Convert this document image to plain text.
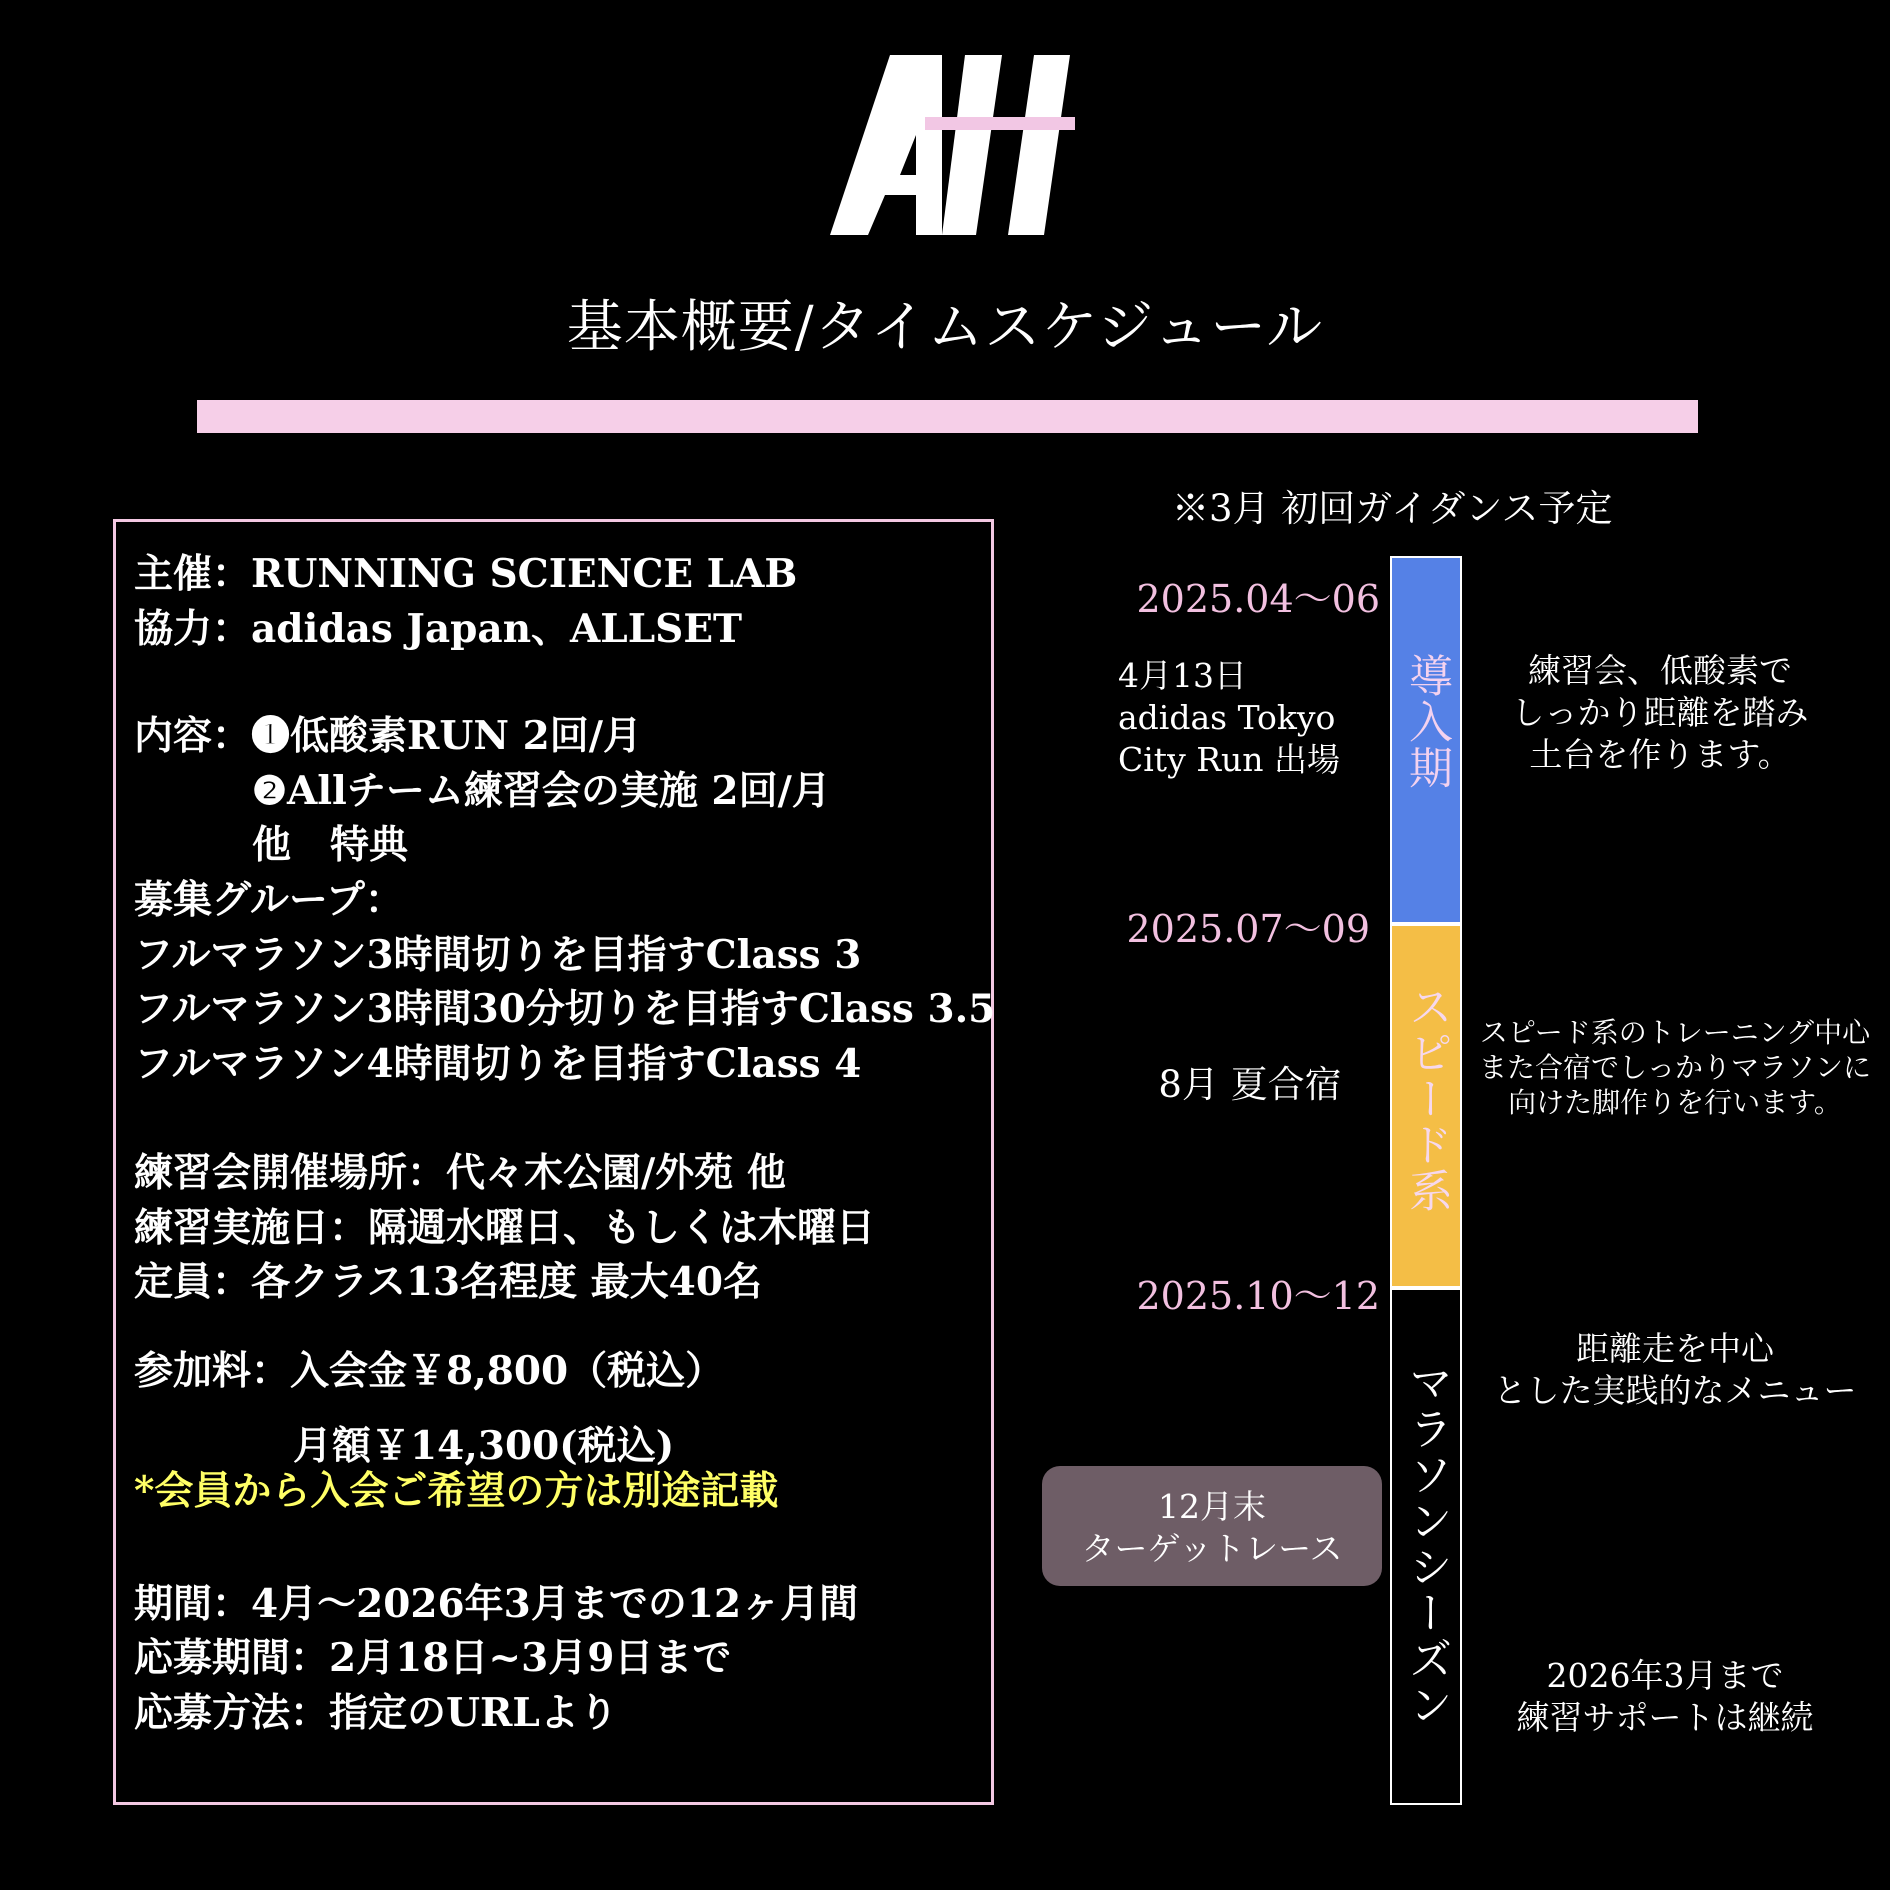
基本概要/タイムスケジュール
主催：RUNNING SCIENCE LAB
協力：adidas Japan、ALLSET
内容：❶低酸素RUN 2回/月
❷Allチーム練習会の実施 2回/月
他　特典
募集グループ：
フルマラソン3時間切りを目指すClass 3
フルマラソン3時間30分切りを目指すClass 3.5
フルマラソン4時間切りを目指すClass 4
練習会開催場所：代々木公園/外苑 他
練習実施日：隔週水曜日、もしくは木曜日
定員：各クラス13名程度 最大40名
参加料：入会金￥8,800（税込）
月額￥14,300(税込)
*会員から入会ご希望の方は別途記載
期間：4月〜2026年3月までの12ヶ月間
応募期間：2月18日~3月9日まで
応募方法：指定のURLより
※3月 初回ガイダンス予定
2025.04〜06
2025.07〜09
2025.10〜12
導入期
スピード系
マラソンシーズン
4月13日
adidas Tokyo
City Run 出場
8月 夏合宿
12月末
ターゲットレース
練習会、低酸素で
しっかり距離を踏み
土台を作ります。
スピード系のトレーニング中心
また合宿でしっかりマラソンに
向けた脚作りを行います。
距離走を中心
とした実践的なメニュー
2026年3月まで
練習サポートは継続
